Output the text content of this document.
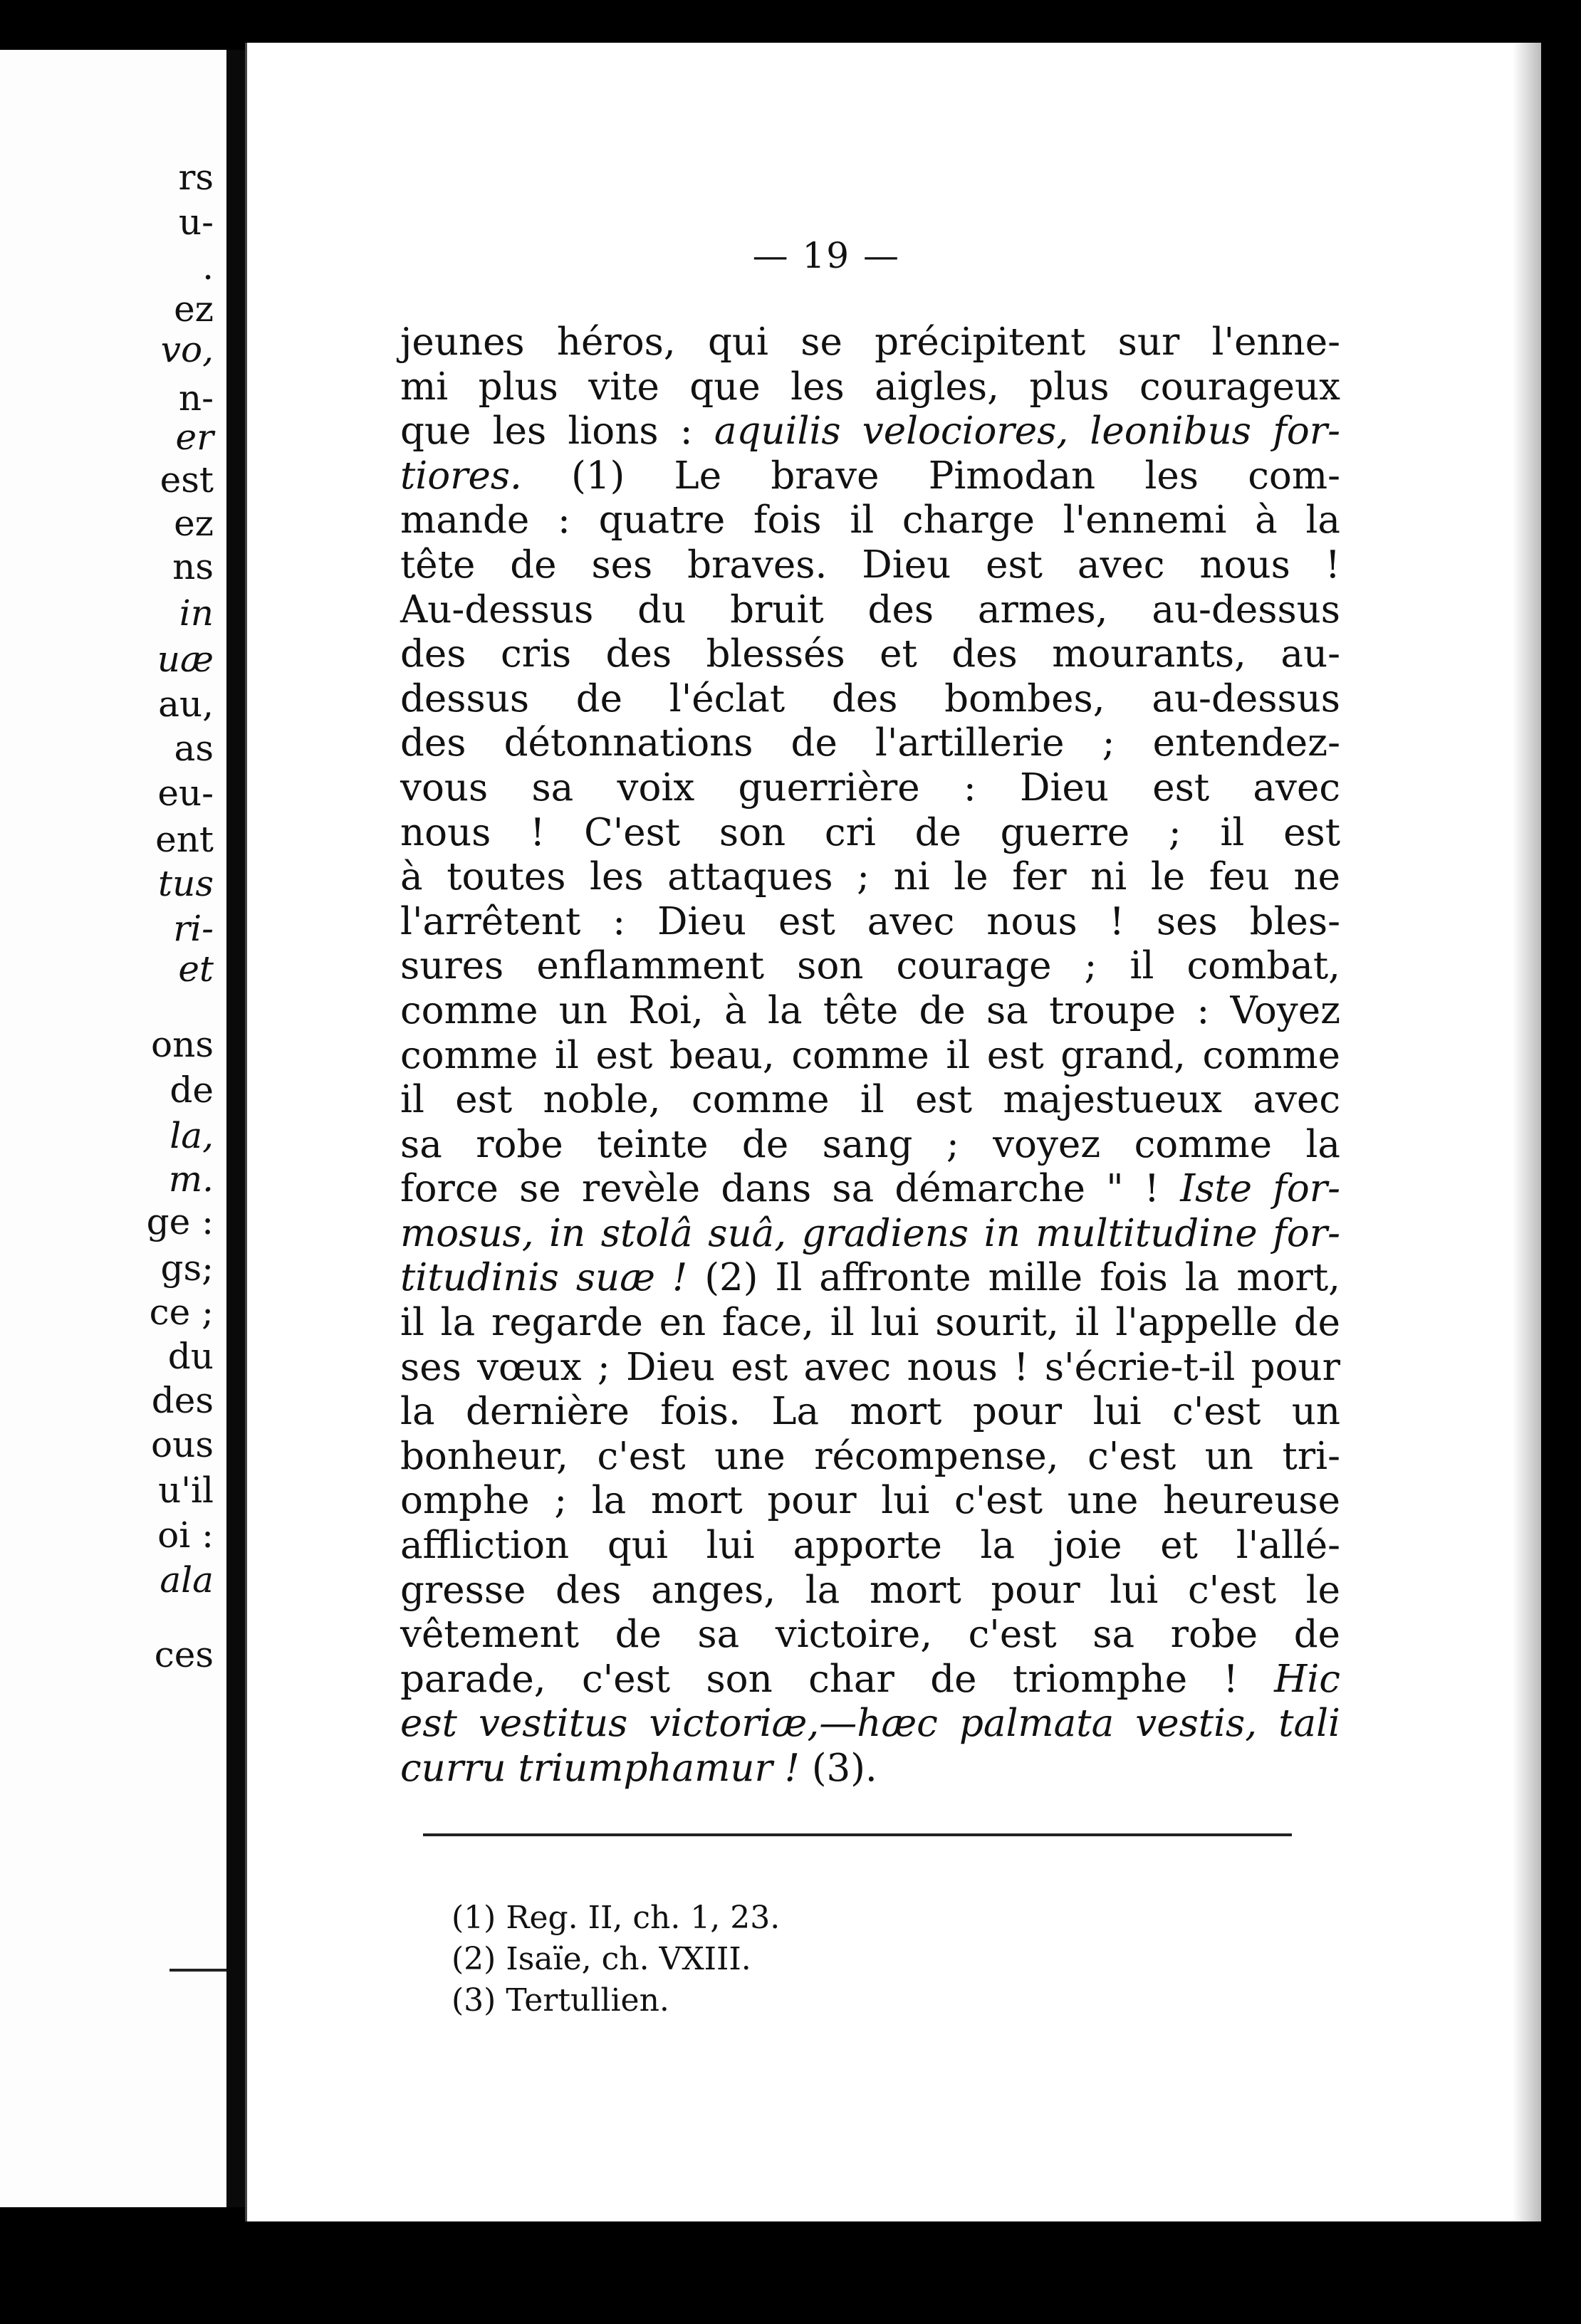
rs
u-
.
ez
vo,
n-
er
est
ez
ns
in
uæ
au,
as
eu-
ent
tus
ri-
et
ons
de
la,
m.
ge :
gs;
ce ;
du
des
ous
u'il
oi :
ala
ces
— 19 —
jeunes héros, qui se précipitent sur l'enne-
mi plus vite que les aigles, plus courageux
que les lions : aquilis velociores, leonibus for-
tiores. (1) Le brave Pimodan les com-
mande : quatre fois il charge l'ennemi à la
tête de ses braves. Dieu est avec nous !
Au-dessus du bruit des armes, au-dessus
des cris des blessés et des mourants, au-
dessus de l'éclat des bombes, au-dessus
des détonnations de l'artillerie ; entendez-
vous sa voix guerrière : Dieu est avec
nous ! C'est son cri de guerre ; il est
à toutes les attaques ; ni le fer ni le feu ne
l'arrêtent : Dieu est avec nous ! ses bles-
sures enflamment son courage ; il combat,
comme un Roi, à la tête de sa troupe : Voyez
comme il est beau, comme il est grand, comme
il est noble, comme il est majestueux avec
sa robe teinte de sang ; voyez comme la
force se revèle dans sa démarche " ! Iste for-
mosus, in stolâ suâ, gradiens in multitudine for-
titudinis suæ ! (2) Il affronte mille fois la mort,
il la regarde en face, il lui sourit, il l'appelle de
ses vœux ; Dieu est avec nous ! s'écrie-t-il pour
la dernière fois. La mort pour lui c'est un
bonheur, c'est une récompense, c'est un tri-
omphe ; la mort pour lui c'est une heureuse
affliction qui lui apporte la joie et l'allé-
gresse des anges, la mort pour lui c'est le
vêtement de sa victoire, c'est sa robe de
parade, c'est son char de triomphe ! Hic
est vestitus victoriæ,—hæc palmata vestis, tali
curru triumphamur ! (3).
(1) Reg. II, ch. 1, 23.
(2) Isaïe, ch. VXIII.
(3) Tertullien.
